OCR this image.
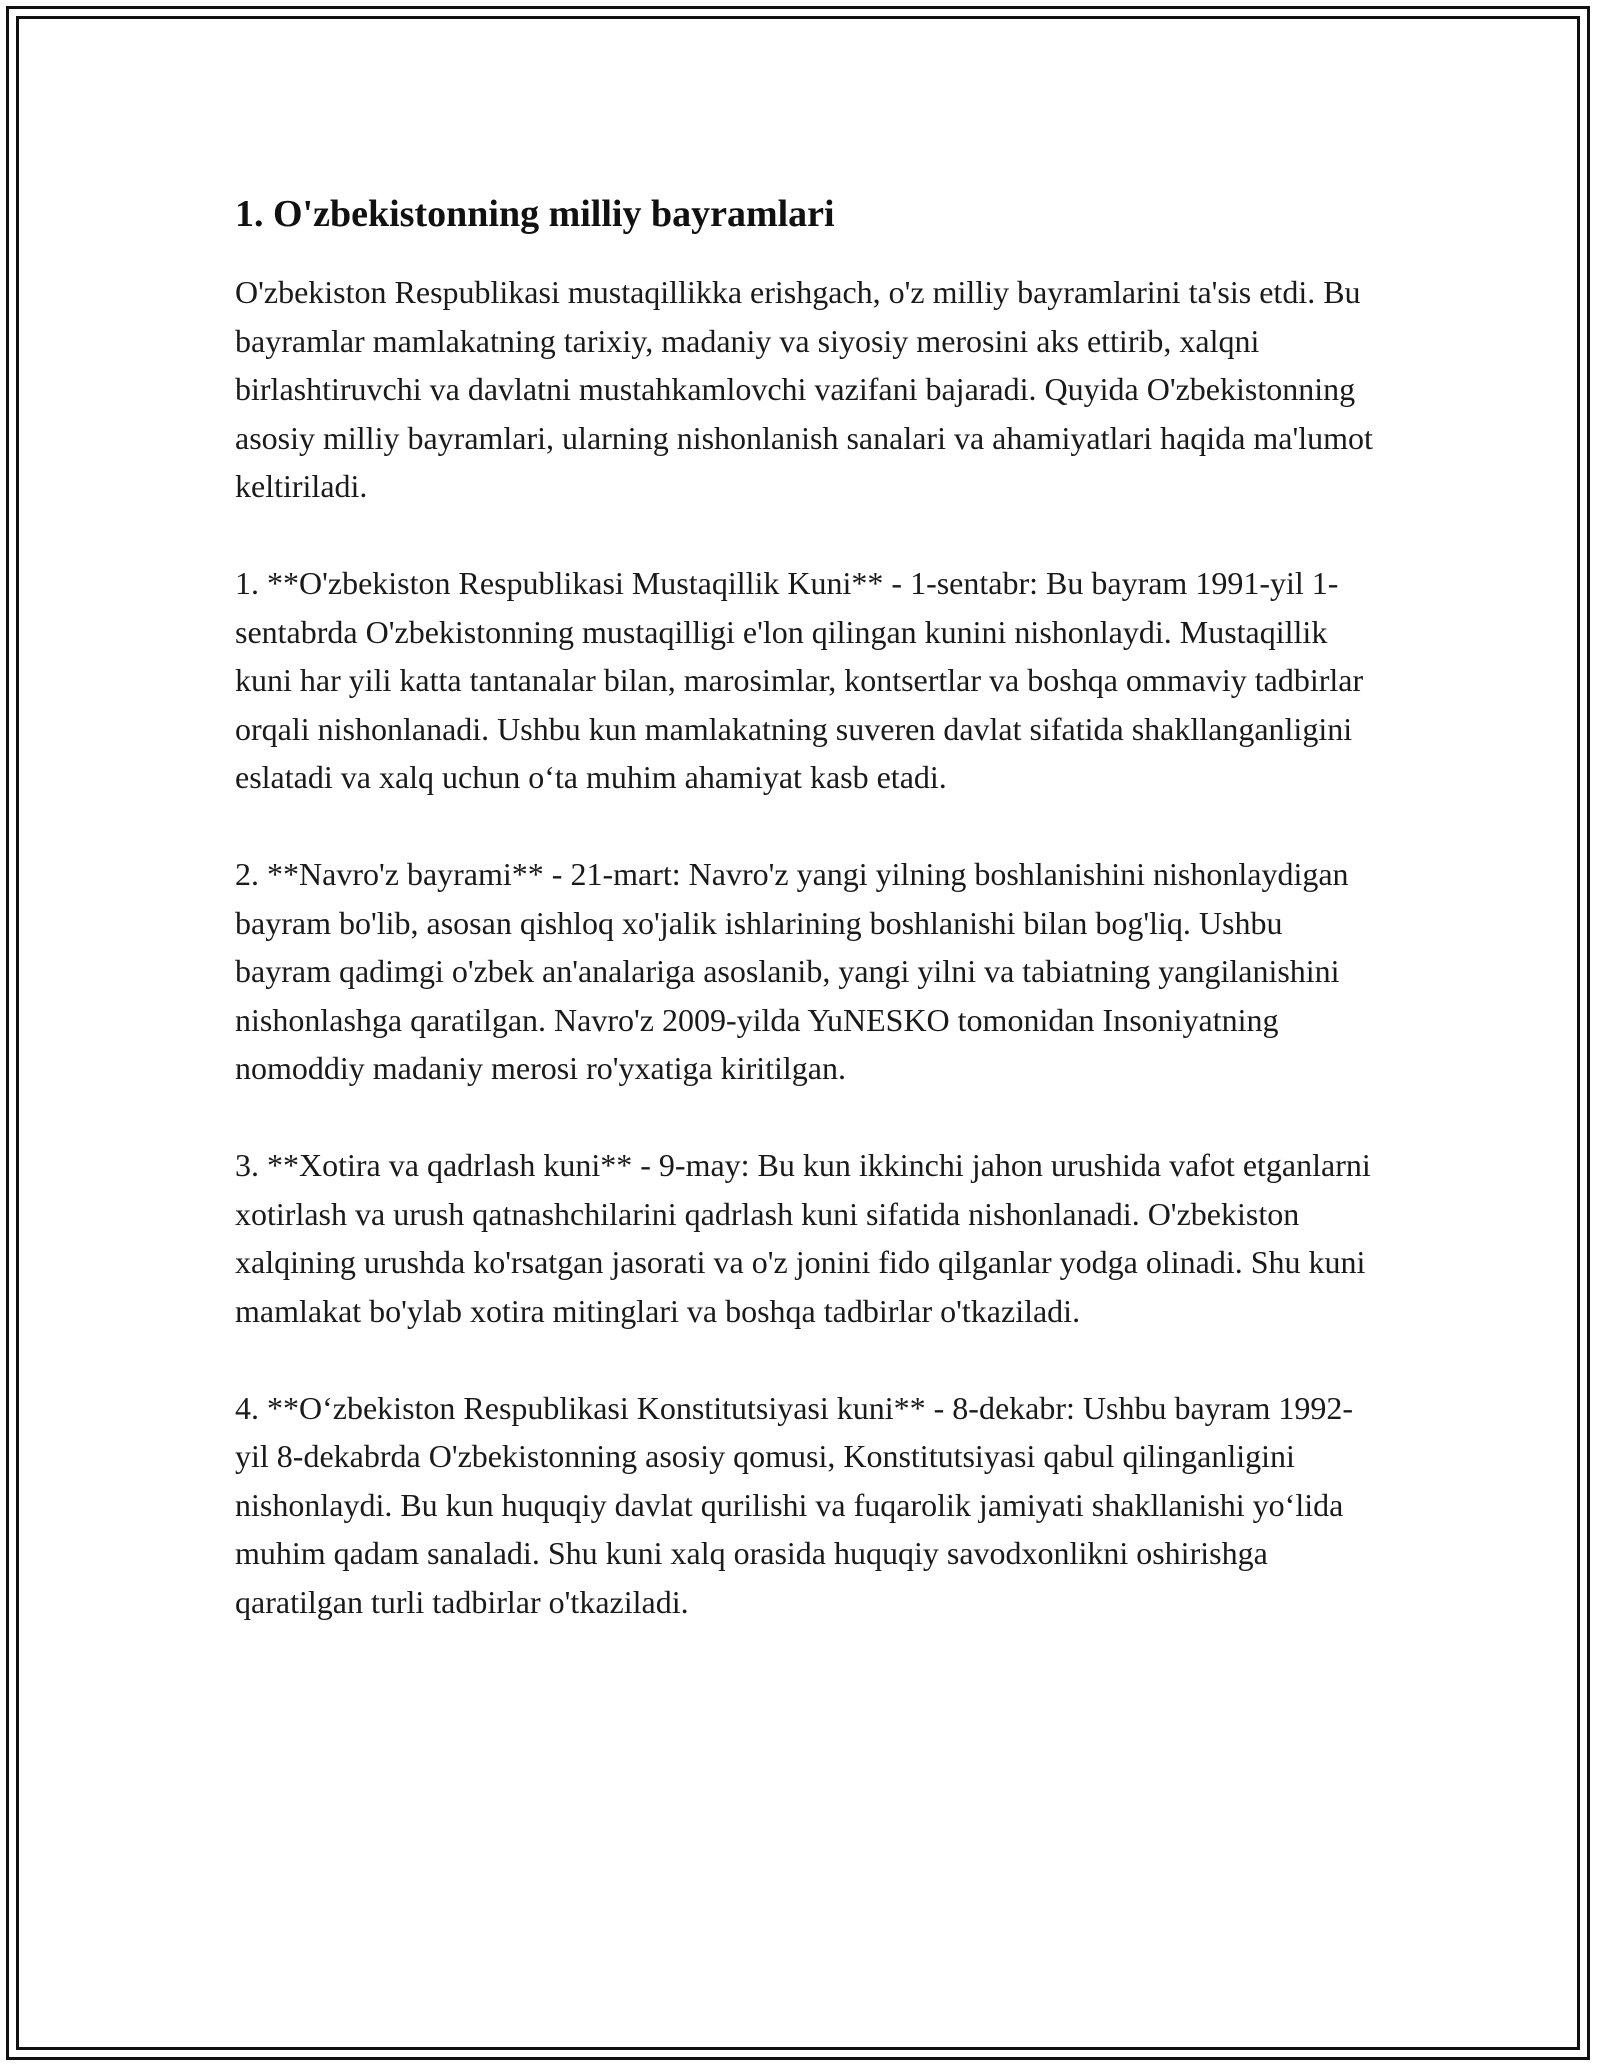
1. O'zbekistonning milliy bayramlari

O'zbekiston Respublikasi mustaqillikka erishgach, o'z milliy bayramlarini ta'sis etdi. Bu bayramlar mamlakatning tarixiy, madaniy va siyosiy merosini aks ettirib, xalqni birlashtiruvchi va davlatni mustahkamlovchi vazifani bajaradi. Quyida O'zbekistonning asosiy milliy bayramlari, ularning nishonlanish sanalari va ahamiyatlari haqida ma'lumot keltiriladi.

1. **O'zbekiston Respublikasi Mustaqillik Kuni** - 1-sentabr: Bu bayram 1991-yil 1-sentabrda O'zbekistonning mustaqilligi e'lon qilingan kunini nishonlaydi. Mustaqillik kuni har yili katta tantanalar bilan, marosimlar, kontsertlar va boshqa ommaviy tadbirlar orqali nishonlanadi. Ushbu kun mamlakatning suveren davlat sifatida shakllanganligini eslatadi va xalq uchun o‘ta muhim ahamiyat kasb etadi.

2. **Navro'z bayrami** - 21-mart: Navro'z yangi yilning boshlanishini nishonlaydigan bayram bo'lib, asosan qishloq xo'jalik ishlarining boshlanishi bilan bog'liq. Ushbu bayram qadimgi o'zbek an'analariga asoslanib, yangi yilni va tabiatning yangilanishini nishonlashga qaratilgan. Navro'z 2009-yilda YuNESKO tomonidan Insoniyatning nomoddiy madaniy merosi ro'yxatiga kiritilgan.

3. **Xotira va qadrlash kuni** - 9-may: Bu kun ikkinchi jahon urushida vafot etganlarni xotirlash va urush qatnashchilarini qadrlash kuni sifatida nishonlanadi. O'zbekiston xalqining urushda ko'rsatgan jasorati va o'z jonini fido qilganlar yodga olinadi. Shu kuni mamlakat bo'ylab xotira mitinglari va boshqa tadbirlar o'tkaziladi.

4. **O‘zbekiston Respublikasi Konstitutsiyasi kuni** - 8-dekabr: Ushbu bayram 1992-yil 8-dekabrda O'zbekistonning asosiy qomusi, Konstitutsiyasi qabul qilinganligini nishonlaydi. Bu kun huquqiy davlat qurilishi va fuqarolik jamiyati shakllanishi yo‘lida muhim qadam sanaladi. Shu kuni xalq orasida huquqiy savodxonlikni oshirishga qaratilgan turli tadbirlar o'tkaziladi.
